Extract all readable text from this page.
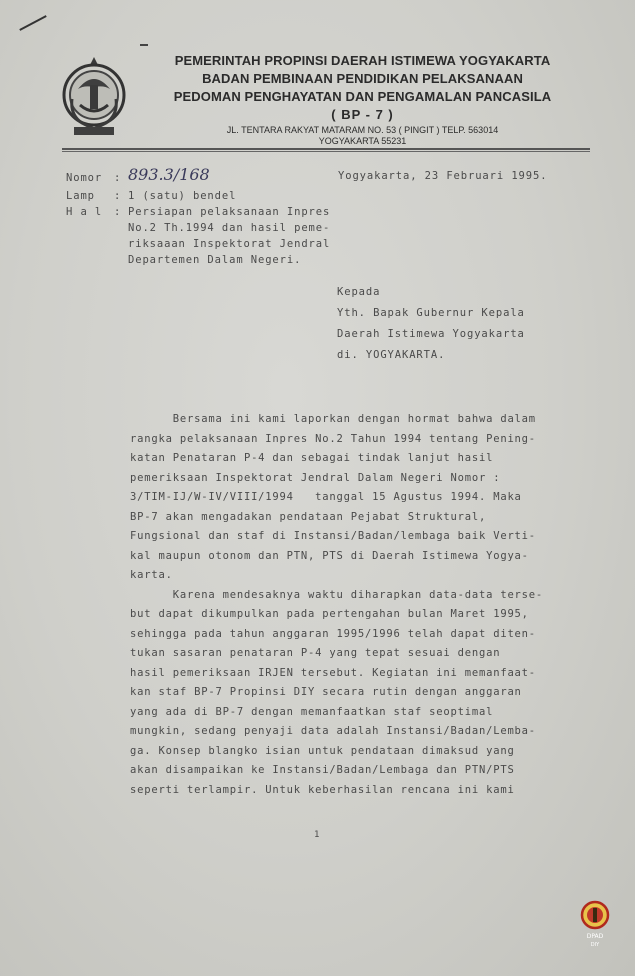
PEMERINTAH PROPINSI DAERAH ISTIMEWA YOGYAKARTA
BADAN PEMBINAAN PENDIDIKAN PELAKSANAAN
PEDOMAN PENGHAYATAN DAN PENGAMALAN PANCASILA
( BP - 7 )
JL. TENTARA RAKYAT MATARAM NO. 53 ( PINGIT ) TELP. 563014
YOGYAKARTA 55231
Nomor	: 893.3/168
Lamp	: 1 (satu) bendel
H a l	: Persiapan pelaksanaan Inpres
No.2 Th.1994 dan hasil peme-
riksaaan Inspektorat Jendral
Departemen Dalam Negeri.
Yogyakarta, 23 Februari 1995.
Kepada
Yth. Bapak Gubernur Kepala
Daerah Istimewa Yogyakarta
di. YOGYAKARTA.
Bersama ini kami laporkan dengan hormat bahwa dalam
rangka pelaksanaan Inpres No.2 Tahun 1994 tentang Pening-
katan Penataran P-4 dan sebagai tindak lanjut hasil
pemeriksaan Inspektorat Jendral Dalam Negeri Nomor :
3/TIM-IJ/W-IV/VIII/1994   tanggal 15 Agustus 1994. Maka
BP-7 akan mengadakan pendataan Pejabat Struktural,
Fungsional dan staf di Instansi/Badan/lembaga baik Verti-
kal maupun otonom dan PTN, PTS di Daerah Istimewa Yogya-
karta.
Karena mendesaknya waktu diharapkan data-data terse-
but dapat dikumpulkan pada pertengahan bulan Maret 1995,
sehingga pada tahun anggaran 1995/1996 telah dapat diten-
tukan sasaran penataran P-4 yang tepat sesuai dengan
hasil pemeriksaan IRJEN tersebut. Kegiatan ini memanfaat-
kan staf BP-7 Propinsi DIY secara rutin dengan anggaran
yang ada di BP-7 dengan memanfaatkan staf seoptimal
mungkin, sedang penyaji data adalah Instansi/Badan/Lemba-
ga. Konsep blangko isian untuk pendataan dimaksud yang
akan disampaikan ke Instansi/Badan/Lembaga dan PTN/PTS
seperti terlampir. Untuk keberhasilan rencana ini kami
1
DPAD
DIY
